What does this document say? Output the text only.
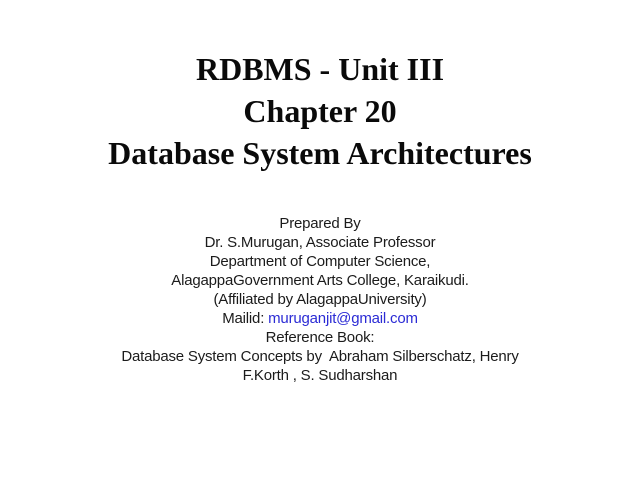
RDBMS - Unit III
Chapter 20
Database System Architectures
Prepared By
Dr. S.Murugan, Associate Professor
Department of Computer Science,
AlagappaGovernment Arts College, Karaikudi.
(Affiliated by AlagappaUniversity)
Mailid: muruganjit@gmail.com
Reference Book:
Database System Concepts by  Abraham Silberschatz, Henry
F.Korth , S. Sudharshan
